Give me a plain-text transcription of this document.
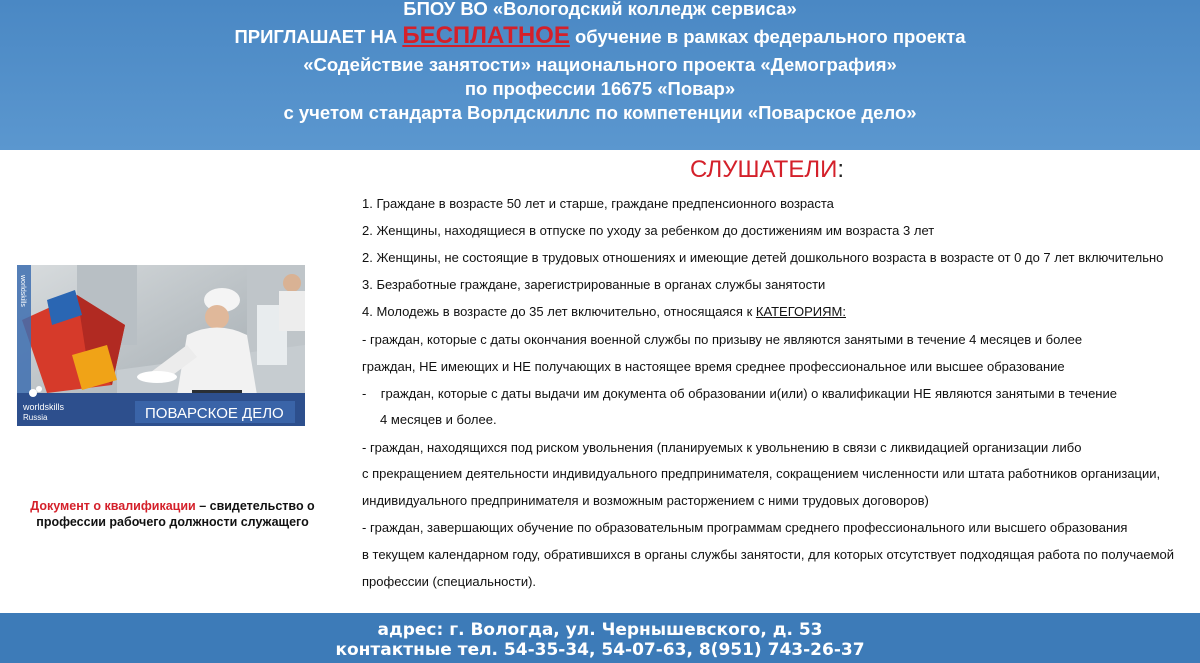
БПОУ ВО «Вологодский колледж сервиса»
ПРИГЛАШАЕТ НА БЕСПЛАТНОЕ обучение в рамках федерального проекта
«Содействие занятости» национального проекта «Демография»
по профессии 16675 «Повар»
с учетом стандарта Ворлдскиллс по компетенции «Поварское дело»
СЛУШАТЕЛИ:
1. Граждане в возрасте 50 лет и старше, граждане предпенсионного возраста
2. Женщины, находящиеся в отпуске по уходу за ребенком до достижениям им возраста 3 лет
2. Женщины, не состоящие в трудовых отношениях и имеющие детей дошкольного возраста в возрасте от 0 до 7 лет включительно
3. Безработные граждане, зарегистрированные в органах службы занятости
4. Молодежь в возрасте до 35 лет включительно, относящаяся к КАТЕГОРИЯМ:
- граждан, которые с даты окончания военной службы по призыву не являются занятыми в течение 4 месяцев и более
граждан, НЕ имеющих и НЕ получающих в настоящее время среднее профессиональное или высшее образование
-    граждан, которые с даты выдачи им документа об образовании и(или) о квалификации НЕ являются занятыми в течение
4 месяцев и более.
- граждан, находящихся под риском увольнения (планируемых к увольнению в связи с ликвидацией организации либо
с прекращением деятельности индивидуального предпринимателя, сокращением численности или штата работников организации,
индивидуального предпринимателя и возможным расторжением с ними трудовых договоров)
- граждан, завершающих обучение по образовательным программам среднего профессионального или высшего образования
в текущем календарном году, обратившихся в органы службы занятости, для которых отсутствует подходящая работа по получаемой
профессии (специальности).
worldskills
worldskills
Russia	ПОВАРСКОЕ ДЕЛО
Документ о квалификации – свидетельство о профессии рабочего должности служащего
адрес: г. Вологда, ул. Чернышевского, д. 53
контактные тел. 54-35-34, 54-07-63, 8(951) 743-26-37
